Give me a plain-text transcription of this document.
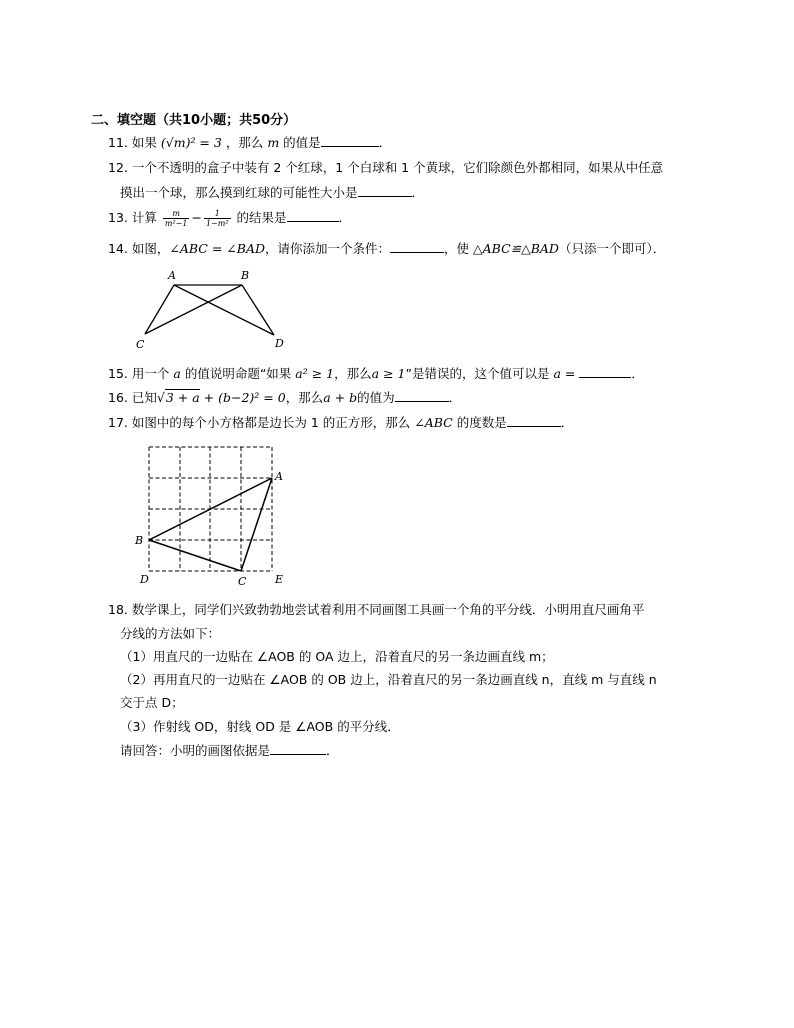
二、填空题（共10小题；共50分）
11. 如果 (√m)² = 3 ，那么 m 的值是	．
12. 一个不透明的盒子中装有 2 个红球，1 个白球和 1 个黄球，它们除颜色外都相同，如果从中任意
摸出一个球，那么摸到红球的可能性大小是	．
13. 计算 $\frac{m}{\text{m²−1}} - \frac{1}{\text{1−m²}}$ 的结果是	．
14. 如图，∠ABC = ∠BAD，请你添加一个条件：	，使 △ABC≌△BAD（只添一个即可）．
A	B
C	D
15. 用一个 a 的值说明命题“如果 a² ≥ 1，那么a ≥ 1”是错误的，这个值可以是 a =	．
16. 已知√3 + a + (b−2)² = 0，那么a + b的值为	．
17. 如图中的每个小方格都是边长为 1 的正方形，那么 ∠ABC 的度数是	．
A
B
C
D	E
18. 数学课上，同学们兴致勃勃地尝试着利用不同画图工具画一个角的平分线．小明用直尺画角平
分线的方法如下：
（1）用直尺的一边贴在 ∠AOB 的 OA 边上，沿着直尺的另一条边画直线 m；
（2）再用直尺的一边贴在 ∠AOB 的 OB 边上，沿着直尺的另一条边画直线 n，直线 m 与直线 n
交于点 D；
（3）作射线 OD，射线 OD 是 ∠AOB 的平分线．
请回答：小明的画图依据是	．
